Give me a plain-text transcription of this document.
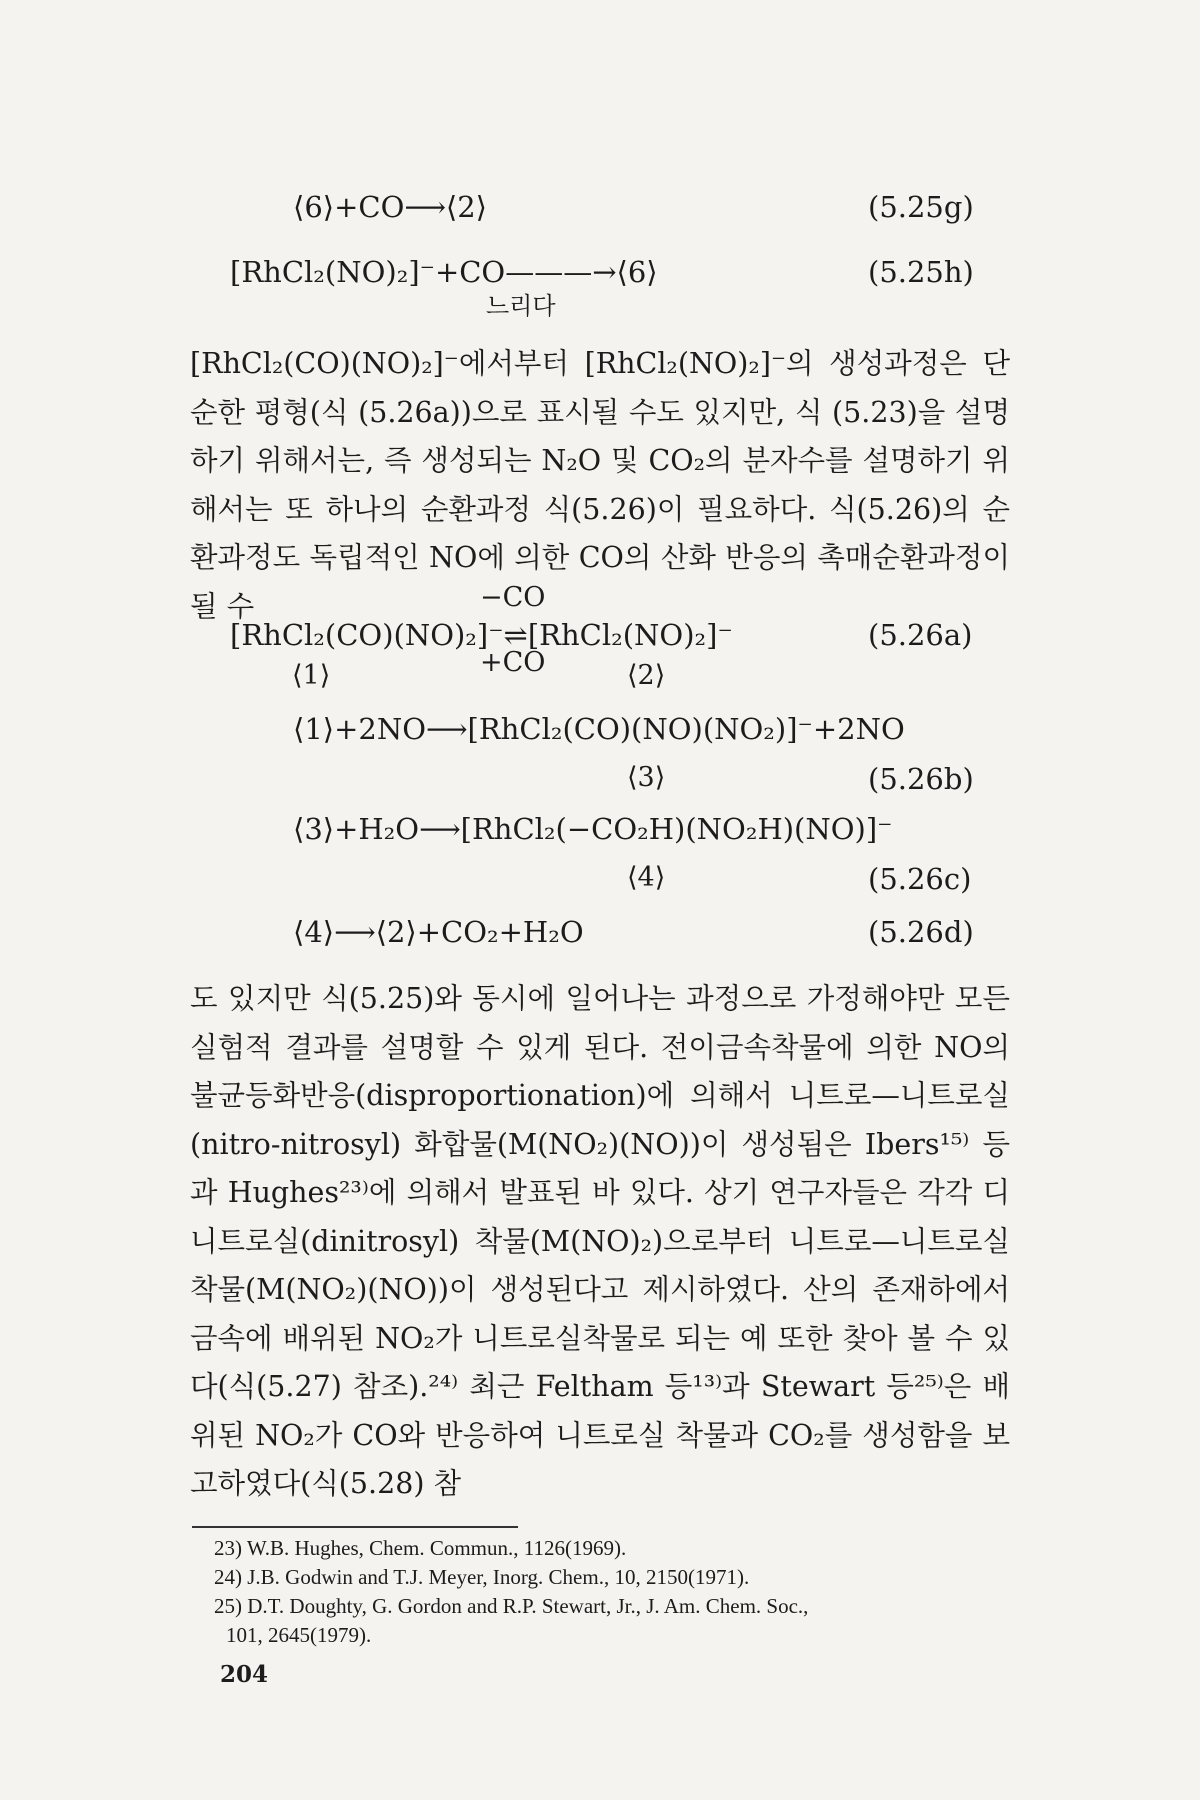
⟨6⟩+CO⟶⟨2⟩	(5.25g)
[RhCl₂(NO)₂]⁻+CO———→⟨6⟩
느리다
(5.25h)

[RhCl₂(CO)(NO)₂]⁻에서부터 [RhCl₂(NO)₂]⁻의 생성과정은 단순한 평형(식 (5.26a))으로 표시될 수도 있지만, 식 (5.23)을 설명하기 위해서는, 즉 생성되는 N₂O 및 CO₂의 분자수를 설명하기 위해서는 또 하나의 순환과정 식(5.26)이 필요하다. 식(5.26)의 순환과정도 독립적인 NO에 의한 CO의 산화 반응의 촉매순환과정이 될 수	−CO
[RhCl₂(CO)(NO)₂]⁻⇌[RhCl₂(NO)₂]⁻
+CO
⟨1⟩	⟨2⟩
(5.26a)
⟨1⟩+2NO⟶[RhCl₂(CO)(NO)(NO₂)]⁻+2NO
⟨3⟩	(5.26b)
⟨3⟩+H₂O⟶[RhCl₂(−CO₂H)(NO₂H)(NO)]⁻
⟨4⟩	(5.26c)
⟨4⟩⟶⟨2⟩+CO₂+H₂O	(5.26d)

도 있지만 식(5.25)와 동시에 일어나는 과정으로 가정해야만 모든 실험적 결과를 설명할 수 있게 된다. 전이금속착물에 의한 NO의 불균등화반응(disproportionation)에 의해서 니트로—니트로실(nitro-nitrosyl) 화합물(M(NO₂)(NO))이 생성됨은 Ibers¹⁵⁾ 등과 Hughes²³⁾에 의해서 발표된 바 있다. 상기 연구자들은 각각 디니트로실(dinitrosyl) 착물(M(NO)₂)으로부터 니트로—니트로실 착물(M(NO₂)(NO))이 생성된다고 제시하였다. 산의 존재하에서 금속에 배위된 NO₂가 니트로실착물로 되는 예 또한 찾아 볼 수 있다(식(5.27) 참조).²⁴⁾ 최근 Feltham 등¹³⁾과 Stewart 등²⁵⁾은 배위된 NO₂가 CO와 반응하여 니트로실 착물과 CO₂를 생성함을 보고하였다(식(5.28) 참

23) W.B. Hughes, Chem. Commun., 1126(1969).
24) J.B. Godwin and T.J. Meyer, Inorg. Chem., 10, 2150(1971).
25) D.T. Doughty, G. Gordon and R.P. Stewart, Jr., J. Am. Chem. Soc.,
101, 2645(1979).
204
